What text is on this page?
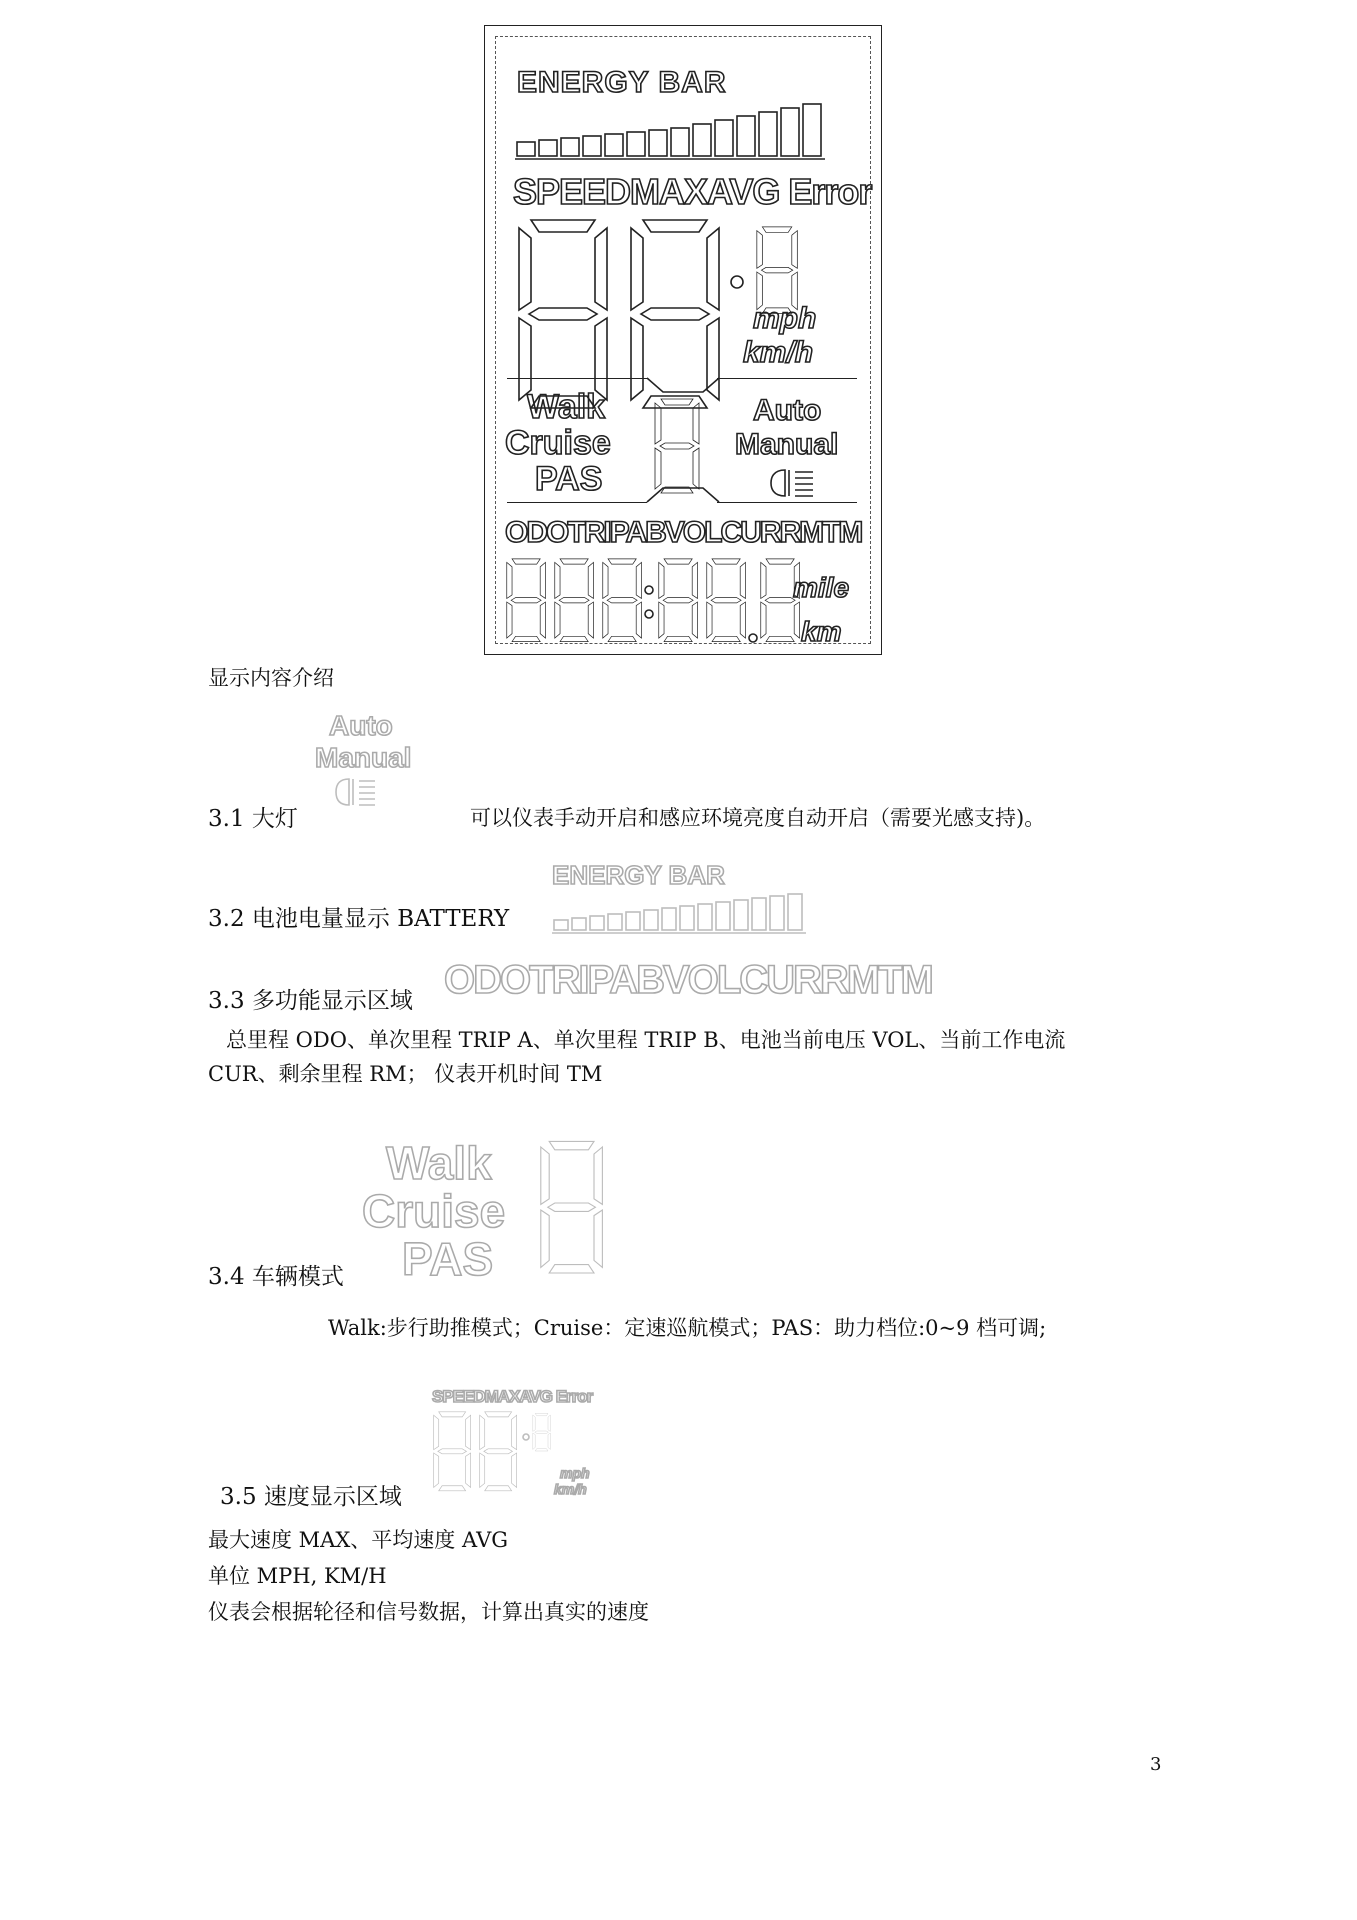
ENERGY BAR
SPEEDMAXAVG Error
mph
km/h
Walk
Cruise
PAS
Auto
Manual
ODOTRIPABVOLCURRMTM
mile
km
显示内容介绍
Auto
Manual
3.1 大灯	可以仪表手动开启和感应环境亮度自动开启（需要光感支持)。
3.2 电池电量显示 BATTERY
ENERGY BAR
3.3 多功能显示区域 ODOTRIPABVOLCURRMTM
总里程 ODO、单次里程 TRIP A、单次里程 TRIP B、电池当前电压 VOL、当前工作电流
CUR、剩余里程 RM； 仪表开机时间 TM
Walk
Cruise
PAS
3.4 车辆模式
Walk:步行助推模式；Cruise：定速巡航模式；PAS：助力档位:0~9 档可调;
SPEEDMAXAVG Error
mph
km/h
3.5 速度显示区域
最大速度 MAX、平均速度 AVG
单位 MPH, KM/H
仪表会根据轮径和信号数据，计算出真实的速度
3
